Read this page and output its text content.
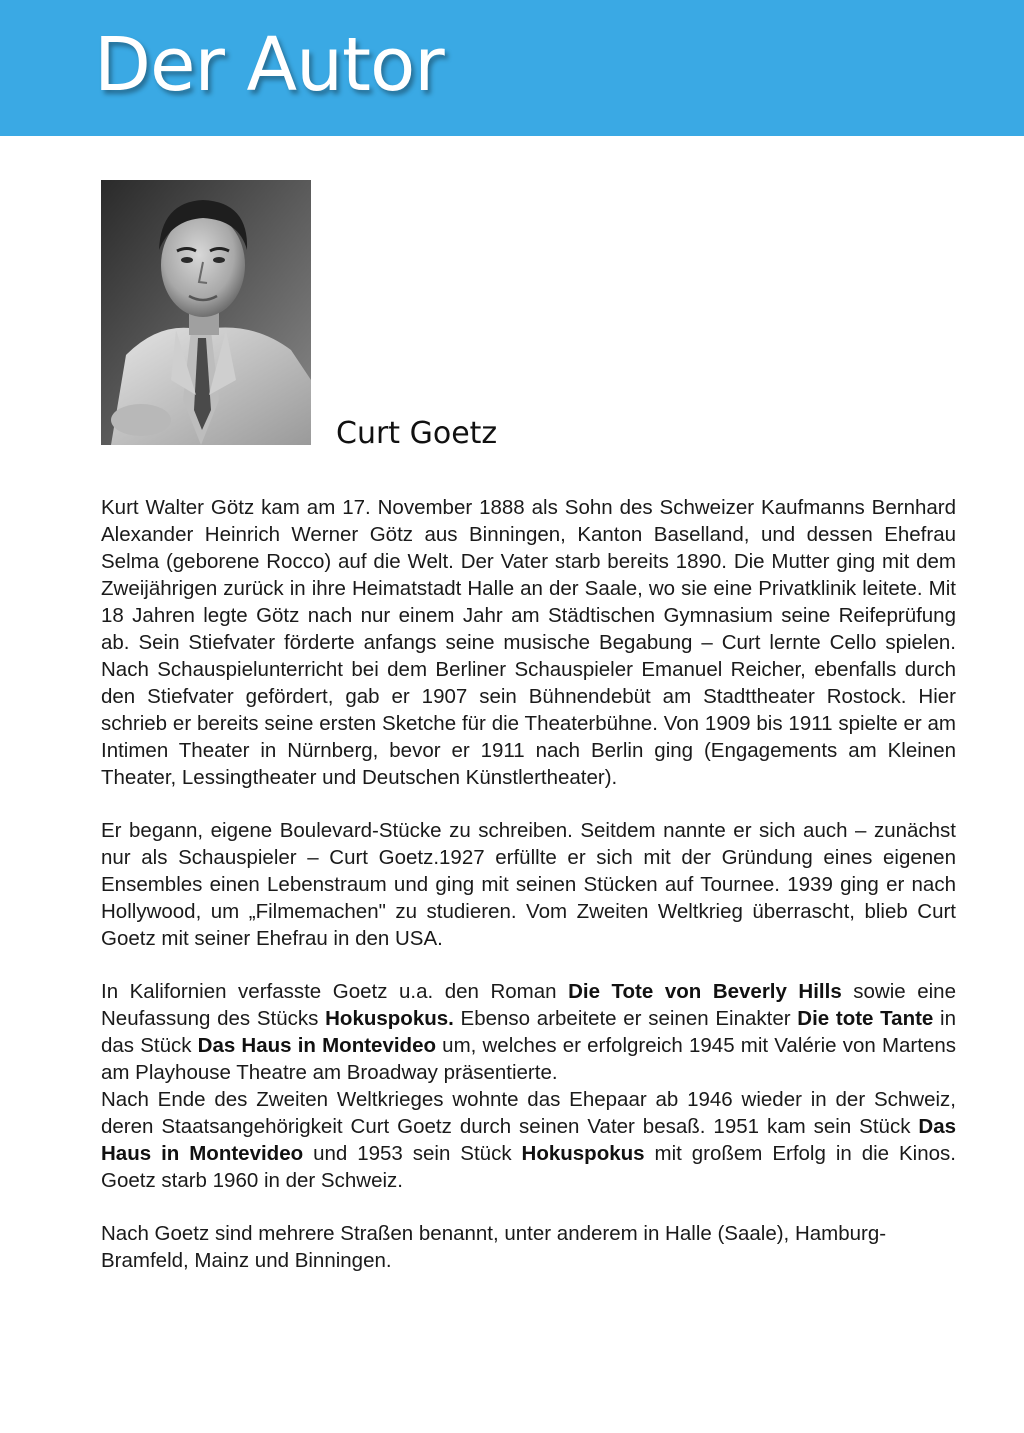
Der Autor

Curt Goetz

Kurt Walter Götz kam am 17. November 1888 als Sohn des Schweizer Kaufmanns Bernhard Alexander Heinrich Werner Götz aus Binningen, Kanton Baselland, und dessen Ehefrau Selma (geborene Rocco) auf die Welt. Der Vater starb bereits 1890. Die Mutter ging mit dem Zweijährigen zurück in ihre Heimatstadt Halle an der Saale, wo sie eine Privatklinik leitete. Mit 18 Jahren legte Götz nach nur einem Jahr am Städtischen Gymnasium seine Reifeprüfung ab. Sein Stiefvater förderte anfangs seine musische Begabung – Curt lernte Cello spielen. Nach Schauspielunterricht bei dem Berliner Schauspieler Emanuel Reicher, ebenfalls durch den Stiefvater gefördert, gab er 1907 sein Bühnendebüt am Stadttheater Rostock. Hier schrieb er bereits seine ersten Sketche für die Theaterbühne. Von 1909 bis 1911 spielte er am Intimen Theater in Nürnberg, bevor er 1911 nach Berlin ging (Engagements am Kleinen Theater, Lessingtheater und Deutschen Künstlertheater).

Er begann, eigene Boulevard-Stücke zu schreiben. Seitdem nannte er sich auch – zunächst nur als Schauspieler – Curt Goetz.1927 erfüllte er sich mit der Gründung eines eigenen Ensembles einen Lebenstraum und ging mit seinen Stücken auf Tournee. 1939 ging er nach Hollywood, um „Filmemachen" zu studieren. Vom Zweiten Weltkrieg überrascht, blieb Curt Goetz mit seiner Ehefrau in den USA.

In Kalifornien verfasste Goetz u.a. den Roman Die Tote von Beverly Hills sowie eine Neufassung des Stücks Hokuspokus. Ebenso arbeitete er seinen Einakter Die tote Tante in das Stück Das Haus in Montevideo um, welches er erfolgreich 1945 mit Valérie von Martens am Playhouse Theatre am Broadway präsentierte.

Nach Ende des Zweiten Weltkrieges wohnte das Ehepaar ab 1946 wieder in der Schweiz, deren Staatsangehörigkeit Curt Goetz durch seinen Vater besaß. 1951 kam sein Stück Das Haus in Montevideo und 1953 sein Stück Hokuspokus mit großem Erfolg in die Kinos. Goetz starb 1960 in der Schweiz.

Nach Goetz sind mehrere Straßen benannt, unter anderem in Halle (Saale), Hamburg-Bramfeld, Mainz und Binningen.
